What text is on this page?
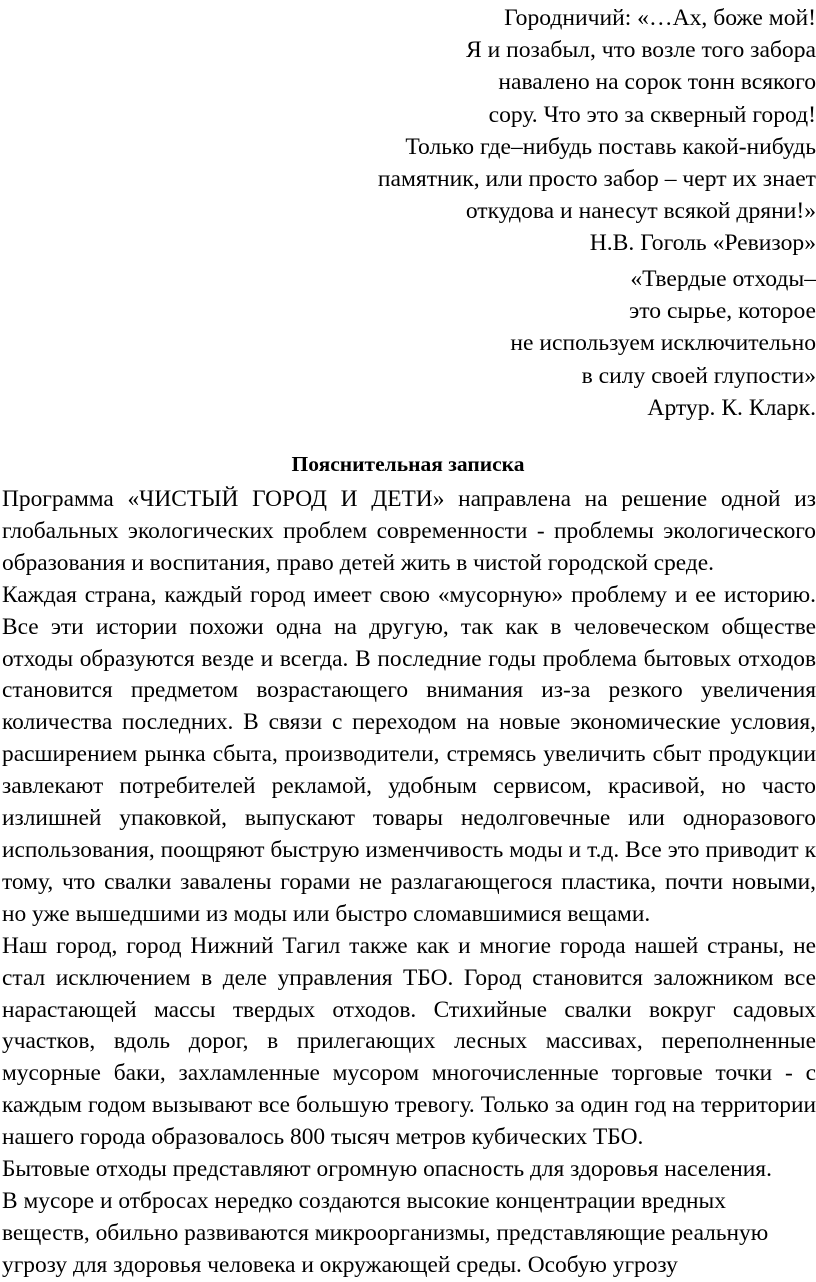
Городничий: «…Ах, боже мой!
Я и позабыл, что возле того забора
навалено на сорок тонн всякого
сору. Что это за скверный город!
Только где–нибудь поставь какой-нибудь
памятник, или просто забор – черт их знает
откудова и нанесут всякой дряни!»
Н.В. Гоголь «Ревизор»
«Твердые отходы–
это сырье, которое
не используем исключительно
в силу своей глупости»
Артур. К. Кларк.
Пояснительная записка

Программа «ЧИСТЫЙ ГОРОД И ДЕТИ» направлена на решение одной из глобальных экологических проблем современности - проблемы экологического образования и воспитания, право детей жить в чистой городской среде.

Каждая страна, каждый город имеет свою «мусорную» проблему и ее историю. Все эти истории похожи одна на другую, так как в человеческом обществе отходы образуются везде и всегда. В последние годы проблема бытовых отходов становится предметом возрастающего внимания из-за резкого увеличения количества последних. В связи с переходом на новые экономические условия, расширением рынка сбыта, производители, стремясь увеличить сбыт продукции завлекают потребителей рекламой, удобным сервисом, красивой, но часто излишней упаковкой, выпускают товары недолговечные или одноразового использования, поощряют быструю изменчивость моды и т.д. Все это приводит к тому, что свалки завалены горами не разлагающегося пластика, почти новыми, но уже вышедшими из моды или быстро сломавшимися вещами.

Наш город, город Нижний Тагил также как и многие города нашей страны, не стал исключением в деле управления ТБО. Город становится заложником все нарастающей массы твердых отходов. Стихийные свалки вокруг садовых участков, вдоль дорог, в прилегающих лесных массивах, переполненные мусорные баки, захламленные мусором многочисленные торговые точки - с каждым годом вызывают все большую тревогу. Только за один год на территории нашего города образовалось 800 тысяч метров кубических ТБО.

Бытовые отходы представляют огромную опасность для здоровья населения.

В мусоре и отбросах нередко создаются высокие концентрации вредных веществ, обильно развиваются микроорганизмы, представляющие реальную угрозу для здоровья человека и окружающей среды. Особую угрозу
